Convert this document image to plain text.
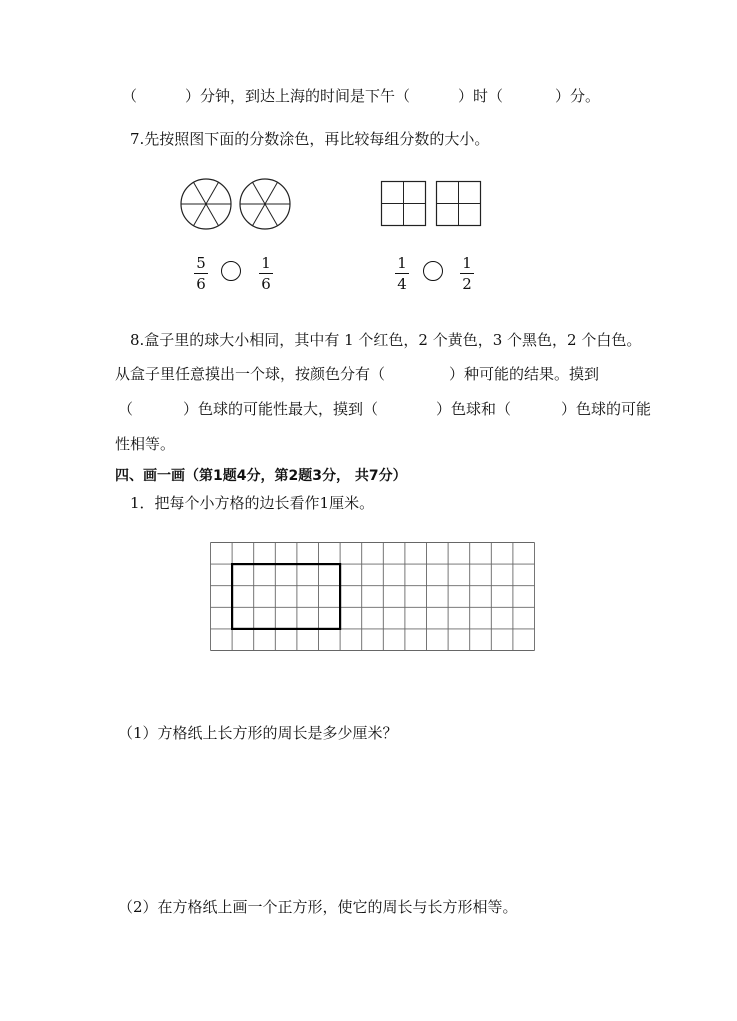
（	）分钟，到达上海的时间是下午（	）时（	）分。
7.先按照图下面的分数涂色，再比较每组分数的大小。
5
6
1
6
1
4
1
2
8.盒子里的球大小相同，其中有 1 个红色，2 个黄色，3 个黑色，2 个白色。
从盒子里任意摸出一个球，按颜色分有（	）种可能的结果。摸到
（	）色球的可能性最大，摸到（	）色球和（	）色球的可能
性相等。
四、画一画（第1题4分，第2题3分， 共7分）
1．把每个小方格的边长看作1厘米。
（1）方格纸上长方形的周长是多少厘米？
（2）在方格纸上画一个正方形，使它的周长与长方形相等。
